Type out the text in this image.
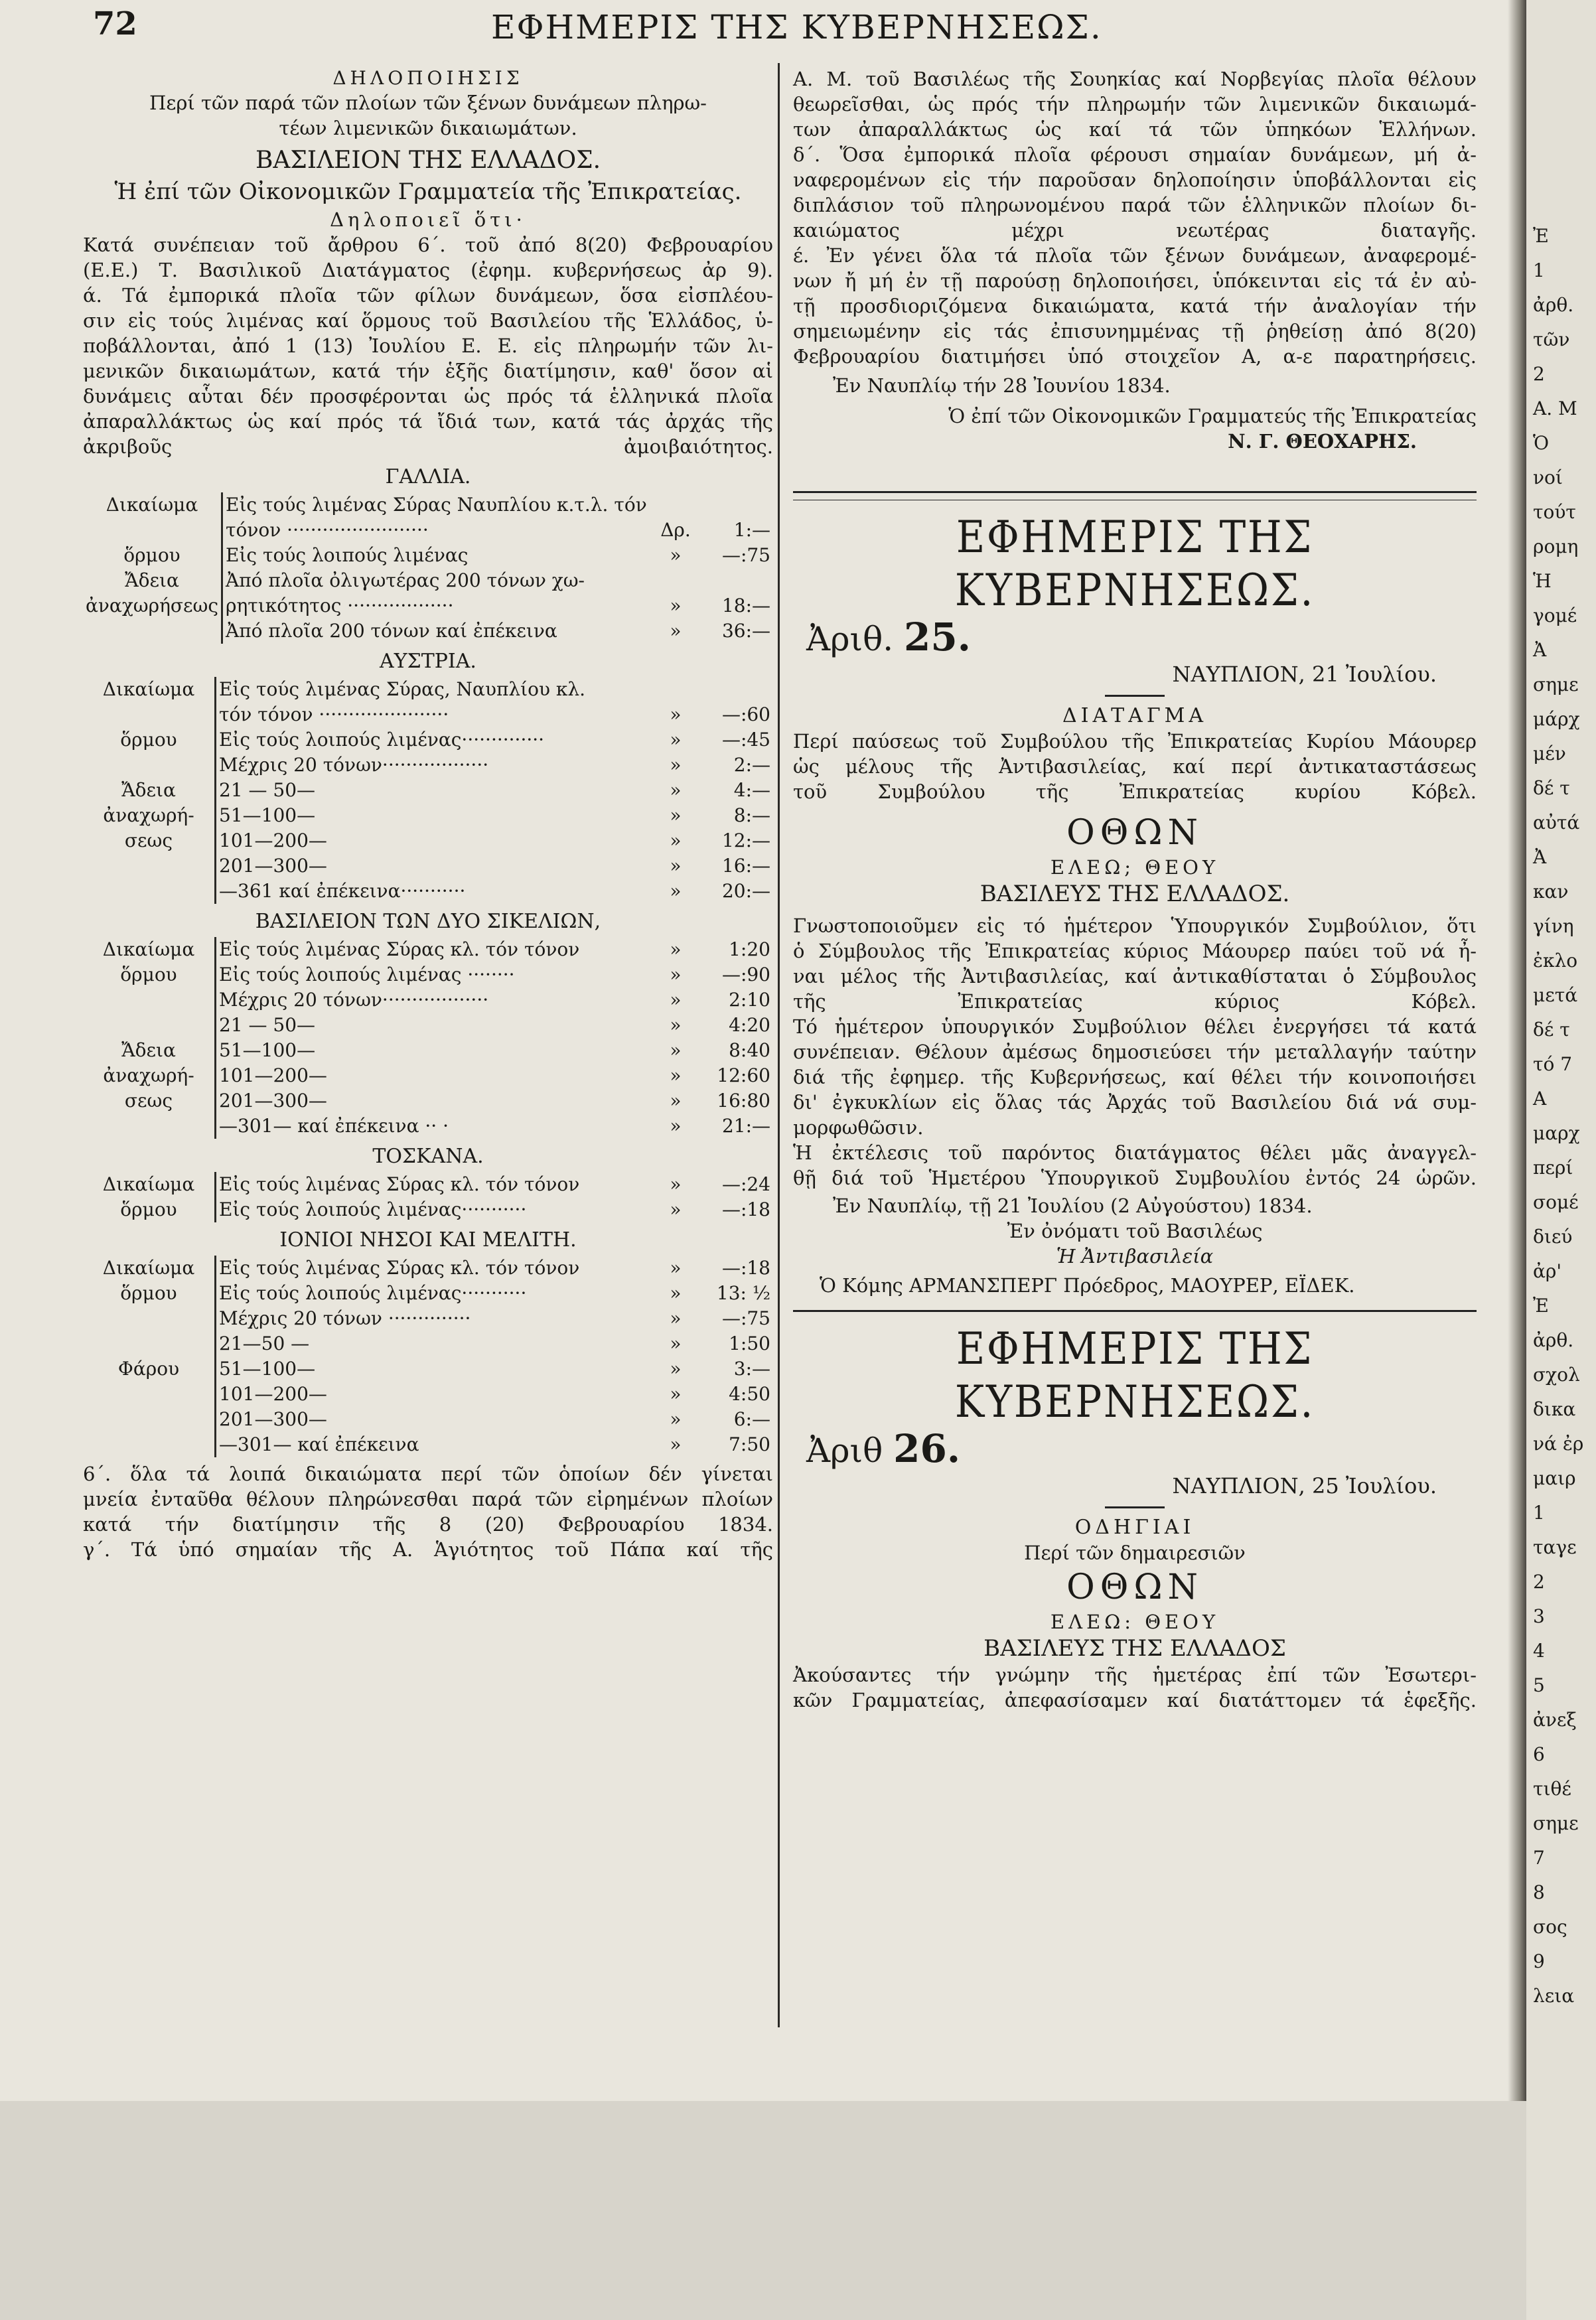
72	ΕΦΗΜΕΡΙΣ ΤΗΣ ΚΥΒΕΡΝΗΣΕΩΣ.
ΔΗΛΟΠΟΙΗΣΙΣ
Περί τῶν παρά τῶν πλοίων τῶν ξένων δυνάμεων πληρω-
τέων λιμενικῶν δικαιωμάτων.
ΒΑΣΙΛΕΙΟΝ ΤΗΣ ΕΛΛΑΔΟΣ.
Ἡ ἐπί τῶν Οἰκονομικῶν Γραμματεία τῆς Ἐπικρατείας.
Δηλοποιεῖ ὅτι·
Κατά συνέπειαν τοῦ ἄρθρου 6΄. τοῦ ἀπό 8(20) Φεβρουαρίου
(Ε.Ε.) Τ. Βασιλικοῦ Διατάγματος (ἐφημ. κυβερνήσεως ἀρ 9).
ά. Τά ἐμπορικά πλοῖα τῶν φίλων δυνάμεων, ὅσα εἰσπλέου-
σιν εἰς τούς λιμένας καί ὅρμους τοῦ Βασιλείου τῆς Ἑλλάδος, ὑ-
ποβάλλονται, ἀπό 1 (13) Ἰουλίου Ε. Ε. εἰς πληρωμήν τῶν λι-
μενικῶν δικαιωμάτων, κατά τήν ἑξῆς διατίμησιν, καθ' ὅσον αἱ
δυνάμεις αὗται δέν προσφέρονται ὡς πρός τά ἑλληνικά πλοῖα
ἀπαραλλάκτως ὡς καί πρός τά ἴδιά των, κατά τάς ἀρχάς τῆς
ἀκριβοῦς ἀμοιβαιότητος.
ΓΑΛΛΙΑ.
Δικαίωμα	Εἰς τούς λιμένας Σύρας Ναυπλίου κ.τ.λ. τόν		
	τόνον ························	Δρ.	1:—
ὅρμου	Εἰς τούς λοιπούς λιμένας	»	—:75
Ἄδεια	Ἀπό πλοῖα ὀλιγωτέρας 200 τόνων χω-		
ἀναχωρήσεως	ρητικότητος ··················	»	18:—
	Ἀπό πλοῖα 200 τόνων καί ἐπέκεινα	»	36:—
ΑΥΣΤΡΙΑ.
Δικαίωμα	Εἰς τούς λιμένας Σύρας, Ναυπλίου κλ.		
	τόν τόνον ······················	»	—:60
ὅρμου	Εἰς τούς λοιπούς λιμένας··············	»	—:45
	Μέχρις 20 τόνων··················	»	2:—
Ἄδεια	21 — 50—	»	4:—
ἀναχωρή-	51—100—	»	8:—
σεως	101—200—	»	12:—
	201—300—	»	16:—
	—361 καί ἐπέκεινα···········	»	20:—
ΒΑΣΙΛΕΙΟΝ ΤΩΝ ΔΥΟ ΣΙΚΕΛΙΩΝ,
Δικαίωμα	Εἰς τούς λιμένας Σύρας κλ. τόν τόνον	»	1:20
ὅρμου	Εἰς τούς λοιπούς λιμένας ········	»	—:90
	Μέχρις 20 τόνων··················	»	2:10
	21 — 50—	»	4:20
Ἄδεια	51—100—	»	8:40
ἀναχωρή-	101—200—	»	12:60
σεως	201—300—	»	16:80
	—301— καί ἐπέκεινα ·· ·	»	21:—
ΤΟΣΚΑΝΑ.
Δικαίωμα	Εἰς τούς λιμένας Σύρας κλ. τόν τόνον	»	—:24
ὅρμου	Εἰς τούς λοιπούς λιμένας···········	»	—:18
ΙΟΝΙΟΙ ΝΗΣΟΙ ΚΑΙ ΜΕΛΙΤΗ.
Δικαίωμα	Εἰς τούς λιμένας Σύρας κλ. τόν τόνον	»	—:18
ὅρμου	Εἰς τούς λοιπούς λιμένας···········	»	13: ½
	Μέχρις 20 τόνων ··············	»	—:75
	21—50 —	»	1:50
Φάρου	51—100—	»	3:—
	101—200—	»	4:50
	201—300—	»	6:—
	—301— καί ἐπέκεινα	»	7:50
6΄. ὅλα τά λοιπά δικαιώματα περί τῶν ὁποίων δέν γίνεται
μνεία ἐνταῦθα θέλουν πληρώνεσθαι παρά τῶν εἰρημένων πλοίων
κατά τήν διατίμησιν τῆς 8 (20) Φεβρουαρίου 1834.
γ΄. Τά ὑπό σημαίαν τῆς Α. Ἁγιότητος τοῦ Πάπα καί τῆς
Α. Μ. τοῦ Βασιλέως τῆς Σουηκίας καί Νορβεγίας πλοῖα θέλουν
θεωρεῖσθαι, ὡς πρός τήν πληρωμήν τῶν λιμενικῶν δικαιωμά-
των ἀπαραλλάκτως ὡς καί τά τῶν ὑπηκόων Ἑλλήνων.
δ΄. Ὅσα ἐμπορικά πλοῖα φέρουσι σημαίαν δυνάμεων, μή ἀ-
ναφερομένων εἰς τήν παροῦσαν δηλοποίησιν ὑποβάλλονται εἰς
διπλάσιον τοῦ πληρωνομένου παρά τῶν ἑλληνικῶν πλοίων δι-
καιώματος μέχρι νεωτέρας διαταγῆς.
έ. Ἐν γένει ὅλα τά πλοῖα τῶν ξένων δυνάμεων, ἀναφερομέ-
νων ἤ μή ἐν τῇ παρούσῃ δηλοποιήσει, ὑπόκεινται εἰς τά ἐν αὐ-
τῇ προσδιοριζόμενα δικαιώματα, κατά τήν ἀναλογίαν τήν
σημειωμένην εἰς τάς ἐπισυνημμένας τῇ ῥηθείσῃ ἀπό 8(20)
Φεβρουαρίου διατιμήσει ὑπό στοιχεῖον Α, α-ε παρατηρήσεις.
Ἐν Ναυπλίῳ τήν 28 Ἰουνίου 1834.
Ὁ ἐπί τῶν Οἰκονομικῶν Γραμματεύς τῆς Ἐπικρατείας
Ν. Γ. ΘΕΟΧΑΡΗΣ.
ΕΦΗΜΕΡΙΣ ΤΗΣ ΚΥΒΕΡΝΗΣΕΩΣ.
Ἀριθ. 25.
ΝΑΥΠΛΙΟΝ, 21 Ἰουλίου.
ΔΙΑΤΑΓΜΑ
Περί παύσεως τοῦ Συμβούλου τῆς Ἐπικρατείας Κυρίου Μάουρερ
ὡς μέλους τῆς Ἀντιβασιλείας, καί περί ἀντικαταστάσεως
τοῦ Συμβούλου τῆς Ἐπικρατείας κυρίου Κόβελ.
ΟΘΩΝ
ΕΛΕΩ; ΘΕΟΥ
ΒΑΣΙΛΕΥΣ ΤΗΣ ΕΛΛΑΔΟΣ.
Γνωστοποιοῦμεν εἰς τό ἡμέτερον Ὑπουργικόν Συμβούλιον, ὅτι
ὁ Σύμβουλος τῆς Ἐπικρατείας κύριος Μάουρερ παύει τοῦ νά ἦ-
ναι μέλος τῆς Ἀντιβασιλείας, καί ἀντικαθίσταται ὁ Σύμβουλος
τῆς Ἐπικρατείας κύριος Κόβελ.
Τό ἡμέτερον ὑπουργικόν Συμβούλιον θέλει ἐνεργήσει τά κατά
συνέπειαν. Θέλουν ἀμέσως δημοσιεύσει τήν μεταλλαγήν ταύτην
διά τῆς ἐφημερ. τῆς Κυβερνήσεως, καί θέλει τήν κοινοποιήσει
δι' ἐγκυκλίων εἰς ὅλας τάς Ἀρχάς τοῦ Βασιλείου διά νά συμ-
μορφωθῶσιν.
Ἡ ἐκτέλεσις τοῦ παρόντος διατάγματος θέλει μᾶς ἀναγγελ-
θῇ διά τοῦ Ἡμετέρου Ὑπουργικοῦ Συμβουλίου ἐντός 24 ὡρῶν.
Ἐν Ναυπλίῳ, τῇ 21 Ἰουλίου (2 Αὐγούστου) 1834.
Ἐν ὀνόματι τοῦ Βασιλέως
Ἡ Ἀντιβασιλεία
Ὁ Κόμης ΑΡΜΑΝΣΠΕΡΓ Πρόεδρος, ΜΑΟΥΡΕΡ, ΕΪΔΕΚ.
ΕΦΗΜΕΡΙΣ ΤΗΣ ΚΥΒΕΡΝΗΣΕΩΣ.
Ἀριθ 26.
ΝΑΥΠΛΙΟΝ, 25 Ἰουλίου.
ΟΔΗΓΙΑΙ
Περί τῶν δημαιρεσιῶν
ΟΘΩΝ
ΕΛΕΩ: ΘΕΟΥ
ΒΑΣΙΛΕΥΣ ΤΗΣ ΕΛΛΑΔΟΣ
Ἀκούσαντες τήν γνώμην τῆς ἡμετέρας ἐπί τῶν Ἐσωτερι-
κῶν Γραμματείας, ἀπεφασίσαμεν καί διατάττομεν τά ἑφεξῆς.
Ἐ
1
ἀρθ.
τῶν
2
Α. Μ
Ὁ
νοί
τούτ
ρομη
Ἡ
γομέ
Ἀ
σημε
μάρχ
μέν
δέ τ
αὐτά
Ἀ
καν
γίνη
ἐκλο
μετά
δέ τ
τό 7
Α
μαρχ
περί
σομέ
διεύ
ἀρ'
Ἐ
ἀρθ.
σχολ
δικα
νά ἐρ
μαιρ
1
ταγε
2
3
4
5
ἀνεξ
6
τιθέ
σημε
7
8
σος
9
λεια
